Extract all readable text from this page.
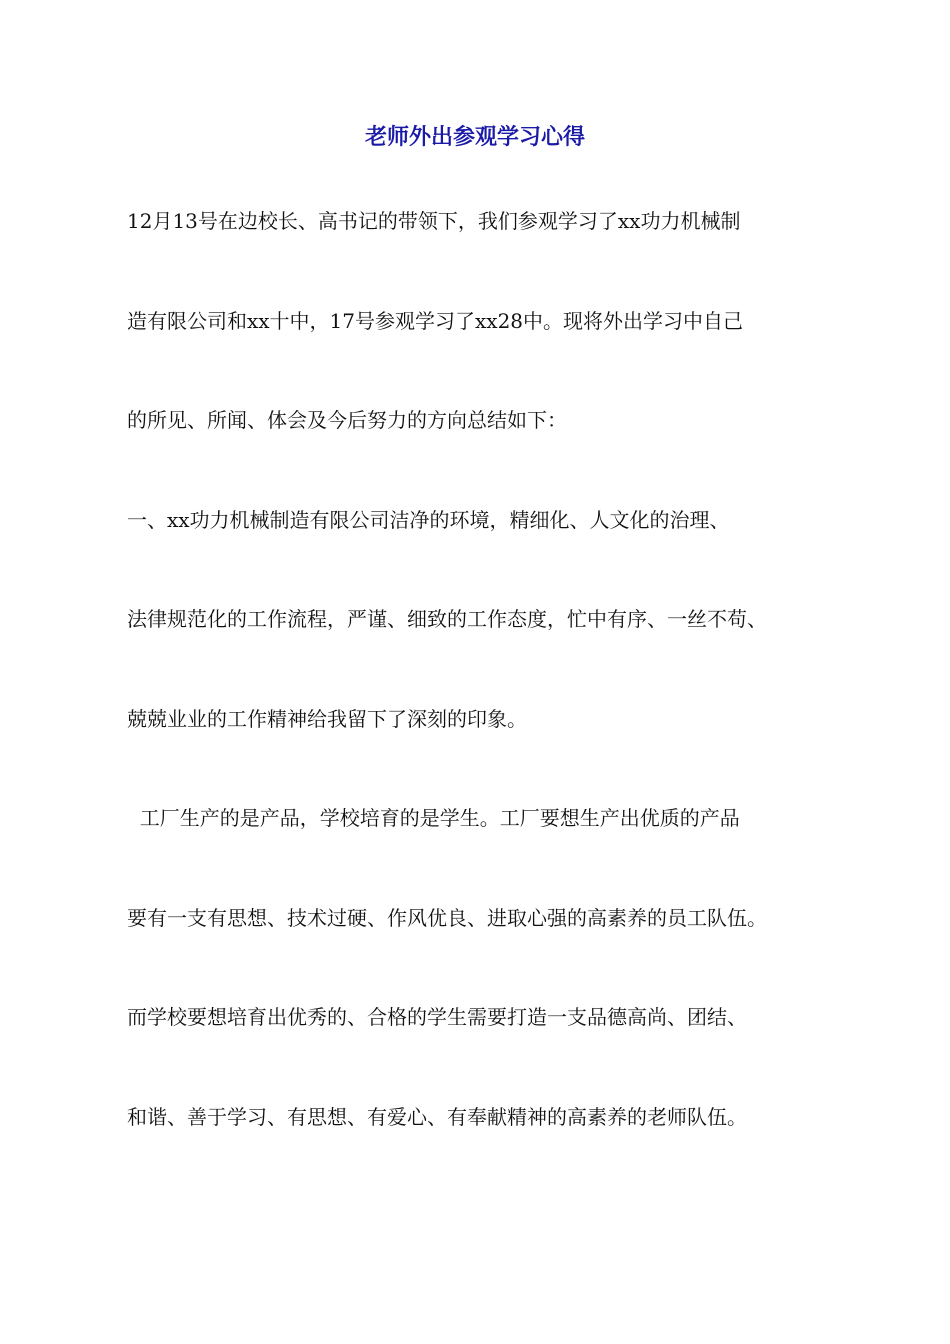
老师外出参观学习心得
12月13号在边校长、高书记的带领下，我们参观学习了xx功力机械制
造有限公司和xx十中，17号参观学习了xx28中。现将外出学习中自己
的所见、所闻、体会及今后努力的方向总结如下：
一、xx功力机械制造有限公司洁净的环境，精细化、人文化的治理、
法律规范化的工作流程，严谨、细致的工作态度，忙中有序、一丝不苟、
兢兢业业的工作精神给我留下了深刻的印象。
工厂生产的是产品，学校培育的是学生。工厂要想生产出优质的产品
要有一支有思想、技术过硬、作风优良、进取心强的高素养的员工队伍。
而学校要想培育出优秀的、合格的学生需要打造一支品德高尚、团结、
和谐、善于学习、有思想、有爱心、有奉献精神的高素养的老师队伍。
